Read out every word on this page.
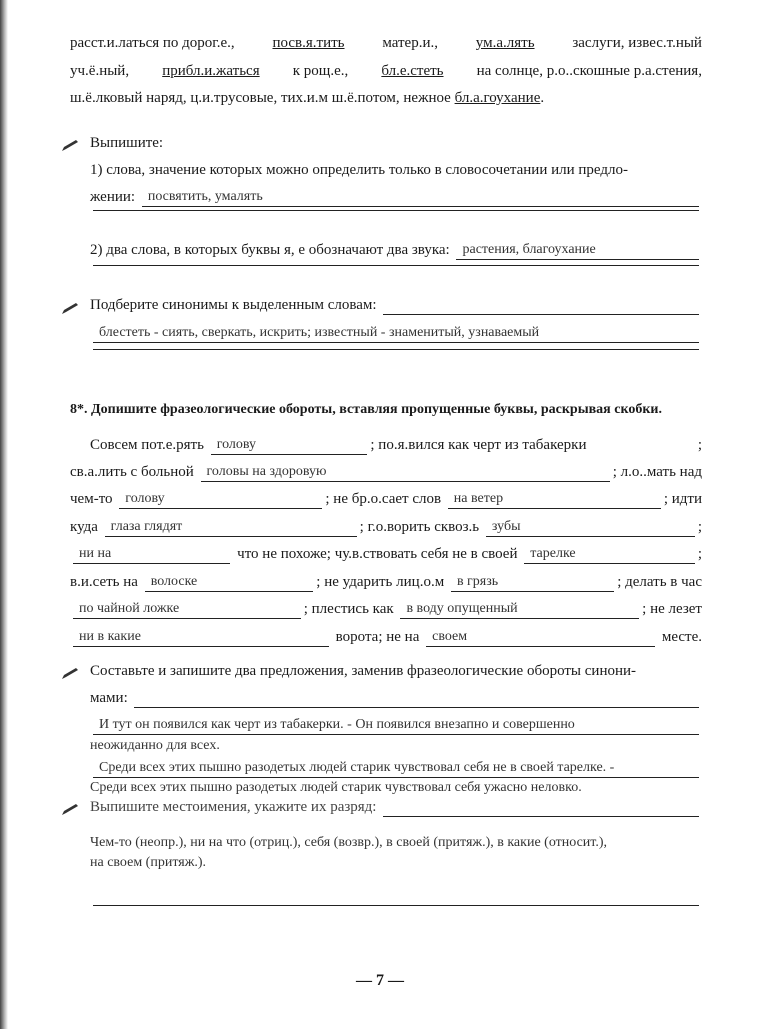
расст.и.латься по дорог.е., посв.я.тить матер.и., ум.а.лять заслуги, извес.т.ный
уч.ё.ный, прибл.и.жаться к рощ.е., бл.е.стеть на солнце, р.о..скошные р.а.стения,
ш.ё.лковый наряд, ц.и.трусовые, тих.и.м ш.ё.потом, нежное бл.а.гоухание .
Выпишите:
1) слова, значение которых можно определить только в словосочетании или предло-
жении: посвятить, умалять
2) два слова, в которых буквы я, е обозначают два звука: растения, благоухание
Подберите синонимы к выделенным словам:
блестеть - сиять, сверкать, искрить; известный - знаменитый, узнаваемый
8*. Допишите фразеологические обороты, вставляя пропущенные буквы, раскрывая скобки.
Совсем пот.е.рять голову	; по.я.вился как черт из табакерки	;
св.а.лить с больной головы на здоровую	; л.о..мать над
чем-то голову	; не бр.о.сает слов на ветер	; идти
куда глаза глядят	; г.о.ворить сквоз.ь зубы	;
ни на	что не похоже; чу.в.ствовать себя не в своей тарелке	;
в.и.сеть на волоске	; не ударить лиц.о.м в грязь	; делать в час
по чайной ложке	; плестись как в воду опущенный	; не лезет
ни в какие	ворота; не на своем	месте.
Составьте и запишите два предложения, заменив фразеологические обороты синони-
мами:
И тут он появился как черт из табакерки. - Он появился внезапно и совершенно
неожиданно для всех.
Среди всех этих пышно разодетых людей старик чувствовал себя не в своей тарелке. -
Среди всех этих пышно разодетых людей старик чувствовал себя ужасно неловко.
Выпишите местоимения, укажите их разряд:
Чем-то (неопр.), ни на что (отриц.), себя (возвр.), в своей (притяж.), в какие (относит.),
на своем (притяж.).
— 7 —
